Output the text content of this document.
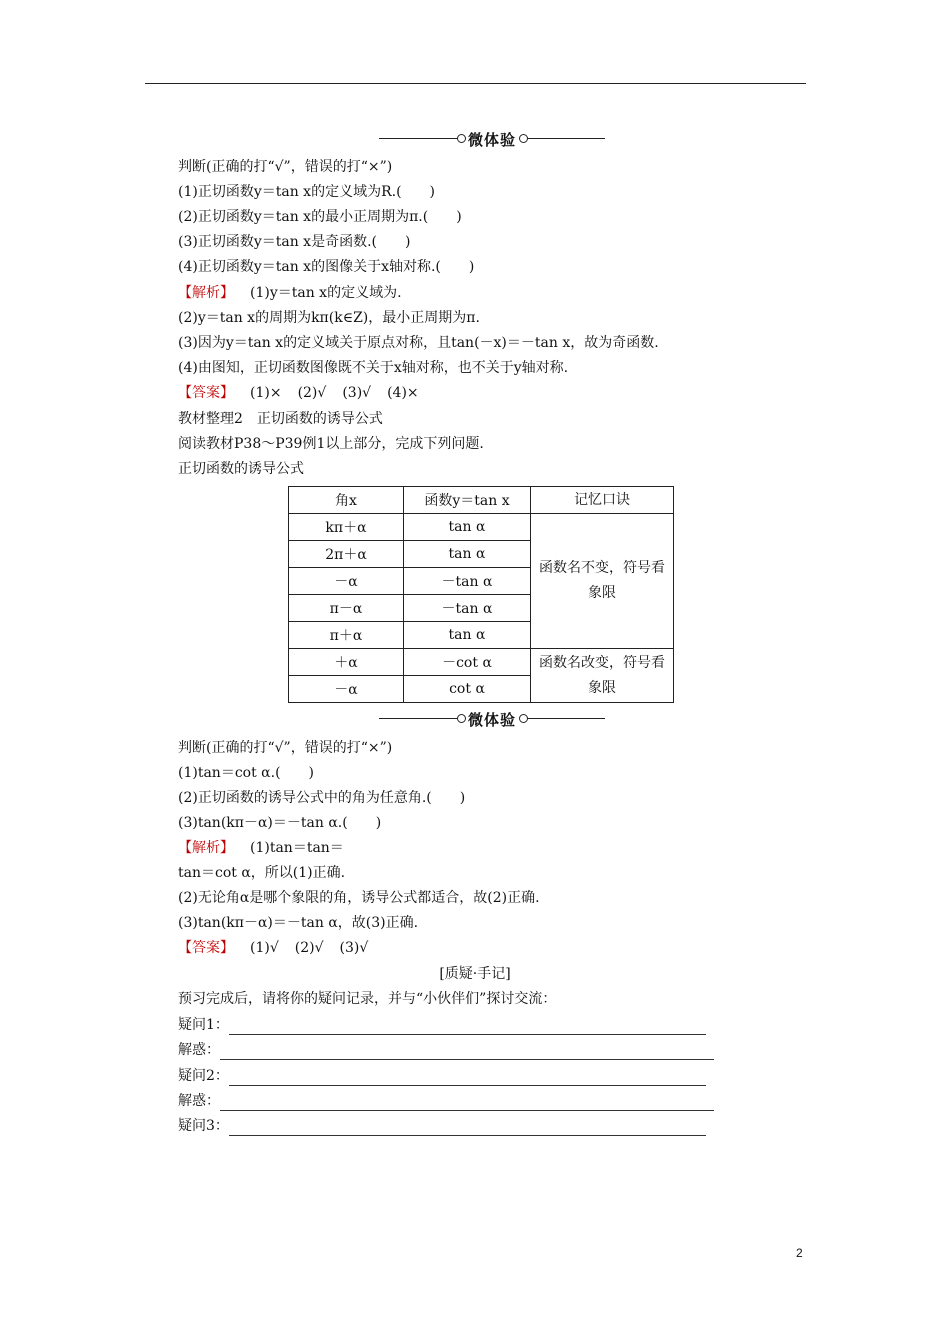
微体验
判断(正确的打“√”，错误的打“×”)
(1)正切函数y＝tan x的定义域为R.(　　)
(2)正切函数y＝tan x的最小正周期为π.(　　)
(3)正切函数y＝tan x是奇函数.(　　)
(4)正切函数y＝tan x的图像关于x轴对称.(　　)
【解析】 (1)y＝tan x的定义域为.
(2)y＝tan x的周期为kπ(k∈Z)，最小正周期为π.
(3)因为y＝tan x的定义域关于原点对称，且tan(－x)＝－tan x，故为奇函数.
(4)由图知，正切函数图像既不关于x轴对称，也不关于y轴对称.
【答案】 (1)× (2)√ (3)√ (4)×
教材整理2　正切函数的诱导公式
阅读教材P38～P39例1以上部分，完成下列问题.
正切函数的诱导公式
角x	函数y＝tan x	记忆口诀
kπ＋α	tan α	函数名不变，符号看象限
2π＋α	tan α	
－α	－tan α	
π－α	－tan α	
π＋α	tan α	
＋α	－cot α	函数名改变，符号看象限
－α	cot α	
微体验
判断(正确的打“√”，错误的打“×”)
(1)tan＝cot α.(　　)
(2)正切函数的诱导公式中的角为任意角.(　　)
(3)tan(kπ－α)＝－tan α.(　　)
【解析】 (1)tan＝tan＝
tan＝cot α，所以(1)正确.
(2)无论角α是哪个象限的角，诱导公式都适合，故(2)正确.
(3)tan(kπ－α)＝－tan α，故(3)正确.
【答案】 (1)√ (2)√ (3)√
[质疑·手记]
预习完成后，请将你的疑问记录，并与“小伙伴们”探讨交流：
疑问1：
解惑：
疑问2：
解惑：
疑问3：
2
